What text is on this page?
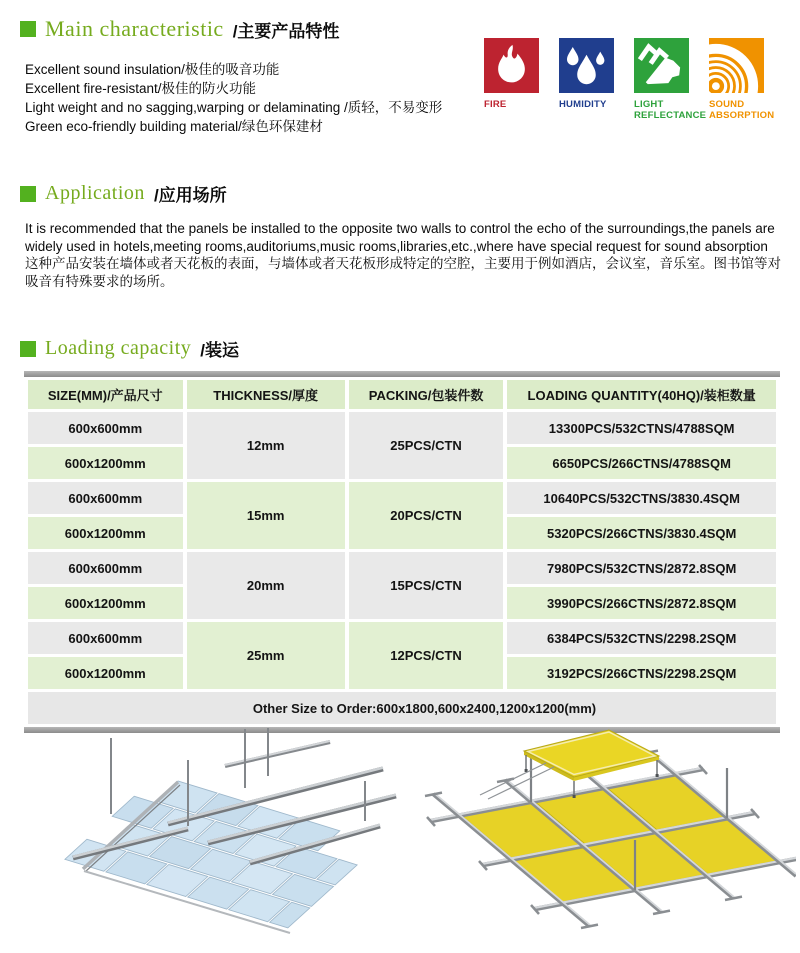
Main characteristic /主要产品特性
Excellent sound insulation/极佳的吸音功能
Excellent fire-resistant/极佳的防火功能
Light weight and no sagging,warping or delaminating /质轻，不易变形
Green eco-friendly building material/绿色环保建材
FIRE	HUMIDITY	LIGHT REFLECTANCE
SOUND ABSORPTION
Application /应用场所
It is recommended that the panels be installed to the opposite two walls to control the echo of the surroundings,the panels are widely used in hotels,meeting rooms,auditoriums,music rooms,libraries,etc.,where have special request for sound absorption
这种产品安装在墙体或者天花板的表面，与墙体或者天花板形成特定的空腔，主要用于例如酒店，会议室，音乐室。图书馆等对吸音有特殊要求的场所。
Loading capacity /装运
SIZE(MM)/产品尺寸	THICKNESS/厚度	PACKING/包装件数	LOADING QUANTITY(40HQ)/装柜数量
600x600mm	12mm	25PCS/CTN	13300PCS/532CTNS/4788SQM
600x1200mm			6650PCS/266CTNS/4788SQM
600x600mm	15mm	20PCS/CTN	10640PCS/532CTNS/3830.4SQM
600x1200mm			5320PCS/266CTNS/3830.4SQM
600x600mm	20mm	15PCS/CTN	7980PCS/532CTNS/2872.8SQM
600x1200mm			3990PCS/266CTNS/2872.8SQM
600x600mm	25mm	12PCS/CTN	6384PCS/532CTNS/2298.2SQM
600x1200mm			3192PCS/266CTNS/2298.2SQM
Other Size to Order:600x1800,600x2400,1200x1200(mm)			
